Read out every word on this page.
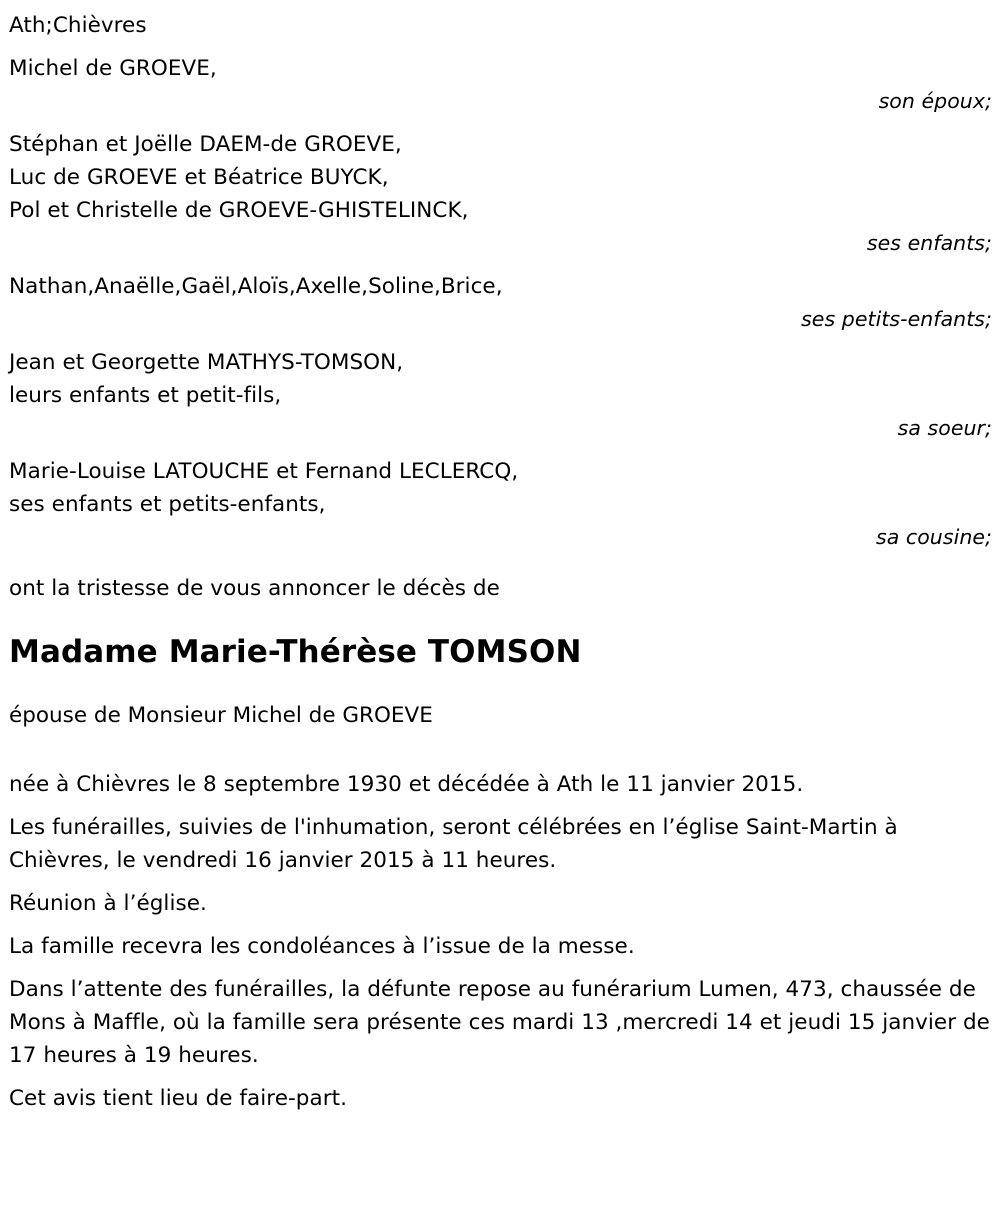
Ath;Chièvres
Michel de GROEVE,
son époux;
Stéphan et Joëlle DAEM-de GROEVE,
Luc de GROEVE et Béatrice BUYCK,
Pol et Christelle de GROEVE-GHISTELINCK,
ses enfants;
Nathan,Anaëlle,Gaël,Aloïs,Axelle,Soline,Brice,
ses petits-enfants;
Jean et Georgette MATHYS-TOMSON,
leurs enfants et petit-fils,
sa soeur;
Marie-Louise LATOUCHE et Fernand LECLERCQ,
ses enfants et petits-enfants,
sa cousine;
ont la tristesse de vous annoncer le décès de
Madame Marie-Thérèse TOMSON
épouse de Monsieur Michel de GROEVE

née à Chièvres le 8 septembre 1930 et décédée à Ath le 11 janvier 2015.

Les funérailles, suivies de l'inhumation, seront célébrées en l’église Saint-Martin à Chièvres, le vendredi 16 janvier 2015 à 11 heures.

Réunion à l’église.

La famille recevra les condoléances à l’issue de la messe.

Dans l’attente des funérailles, la défunte repose au funérarium Lumen, 473, chaussée de Mons à Maffle, où la famille sera présente ces mardi 13 ,mercredi 14 et jeudi 15 janvier de 17 heures à 19 heures.

Cet avis tient lieu de faire-part.
